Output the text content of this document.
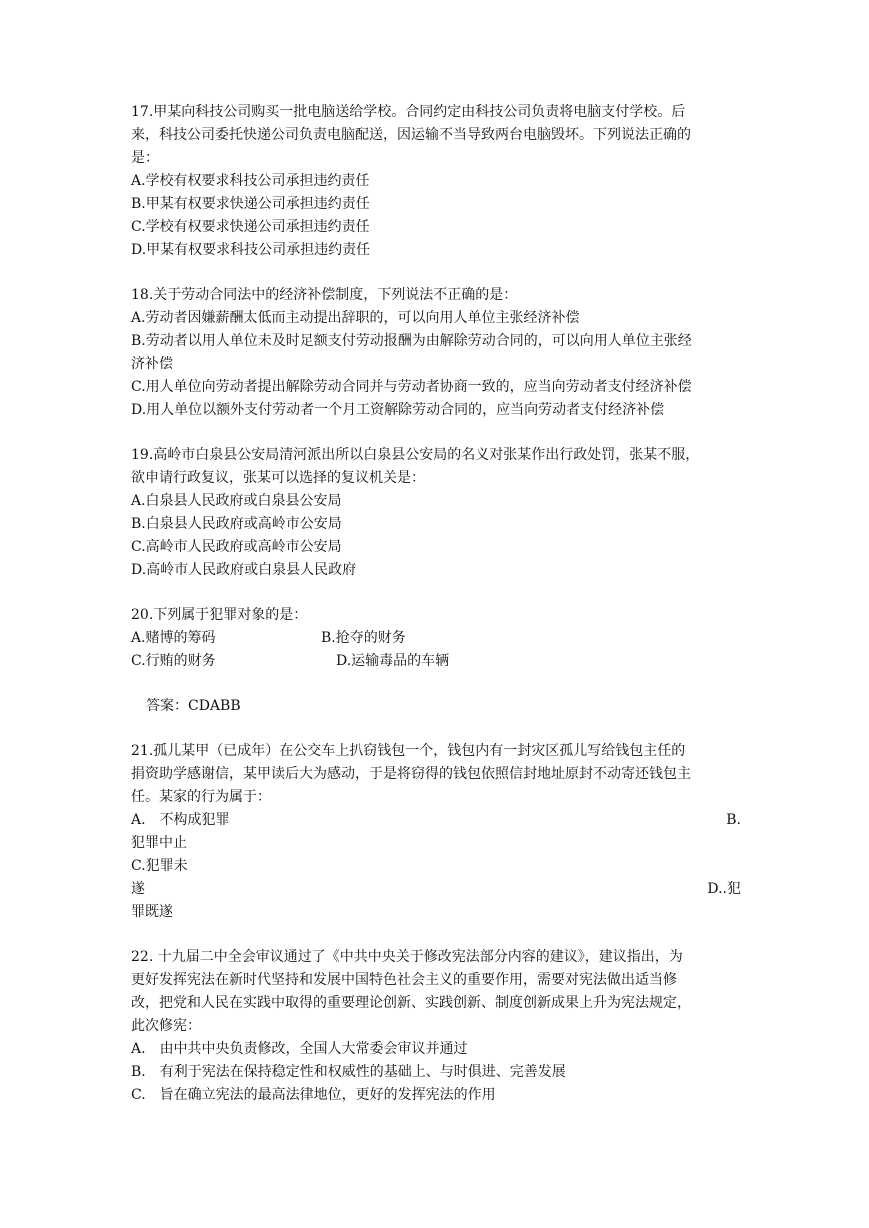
17.甲某向科技公司购买一批电脑送给学校。合同约定由科技公司负责将电脑支付学校。后
来，科技公司委托快递公司负责电脑配送，因运输不当导致两台电脑毁坏。下列说法正确的
是：
A.学校有权要求科技公司承担违约责任
B.甲某有权要求快递公司承担违约责任
C.学校有权要求快递公司承担违约责任
D.甲某有权要求科技公司承担违约责任
18.关于劳动合同法中的经济补偿制度，下列说法不正确的是：
A.劳动者因嫌薪酬太低而主动提出辞职的，可以向用人单位主张经济补偿
B.劳动者以用人单位未及时足额支付劳动报酬为由解除劳动合同的，可以向用人单位主张经
济补偿
C.用人单位向劳动者提出解除劳动合同并与劳动者协商一致的，应当向劳动者支付经济补偿
D.用人单位以额外支付劳动者一个月工资解除劳动合同的，应当向劳动者支付经济补偿
19.高岭市白泉县公安局清河派出所以白泉县公安局的名义对张某作出行政处罚，张某不服，
欲申请行政复议，张某可以选择的复议机关是：
A.白泉县人民政府或白泉县公安局
B.白泉县人民政府或高岭市公安局
C.高岭市人民政府或高岭市公安局
D.高岭市人民政府或白泉县人民政府
20.下列属于犯罪对象的是：
A.赌博的筹码	B.抢夺的财务
C.行贿的财务	D.运输毒品的车辆
答案：CDABB
21.孤儿某甲（已成年）在公交车上扒窃钱包一个，钱包内有一封灾区孤儿写给钱包主任的
捐资助学感谢信，某甲读后大为感动，于是将窃得的钱包依照信封地址原封不动寄还钱包主
任。某家的行为属于：
A. 不构成犯罪	B.
犯罪中止
C.犯罪未
遂	D..犯
罪既遂
22. 十九届二中全会审议通过了《中共中央关于修改宪法部分内容的建议》，建议指出，为
更好发挥宪法在新时代坚持和发展中国特色社会主义的重要作用，需要对宪法做出适当修
改，把党和人民在实践中取得的重要理论创新、实践创新、制度创新成果上升为宪法规定，
此次修宪：
A. 由中共中央负责修改，全国人大常委会审议并通过
B. 有利于宪法在保持稳定性和权威性的基础上、与时俱进、完善发展
C. 旨在确立宪法的最高法律地位，更好的发挥宪法的作用
